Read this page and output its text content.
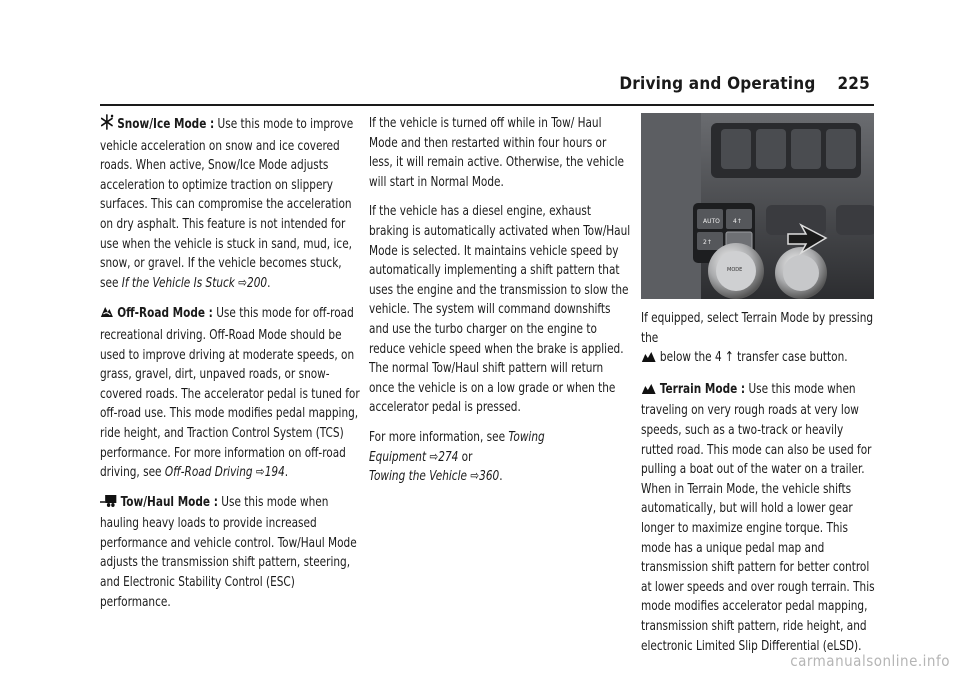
Driving and Operating 225

Snow/Ice Mode : Use this mode to improve vehicle acceleration on snow and ice covered roads. When active, Snow/Ice Mode adjusts acceleration to optimize traction on slippery surfaces. This can compromise the acceleration on dry asphalt. This feature is not intended for use when the vehicle is stuck in sand, mud, ice, snow, or gravel. If the vehicle becomes stuck, see If the Vehicle Is Stuck ⇨200.

Off-Road Mode : Use this mode for off-road recreational driving. Off-Road Mode should be used to improve driving at moderate speeds, on grass, gravel, dirt, unpaved roads, or snow-covered roads. The accelerator pedal is tuned for off-road use. This mode modifies pedal mapping, ride height, and Traction Control System (TCS) performance. For more information on off-road driving, see Off-Road Driving ⇨194.

Tow/Haul Mode : Use this mode when hauling heavy loads to provide increased performance and vehicle control. Tow/Haul Mode adjusts the transmission shift pattern, steering, and Electronic Stability Control (ESC) performance.

If the vehicle is turned off while in Tow/ Haul Mode and then restarted within four hours or less, it will remain active. Otherwise, the vehicle will start in Normal Mode.

If the vehicle has a diesel engine, exhaust braking is automatically activated when Tow/Haul Mode is selected. It maintains vehicle speed by automatically implementing a shift pattern that uses the engine and the transmission to slow the vehicle. The system will command downshifts and use the turbo charger on the engine to reduce vehicle speed when the brake is applied. The normal Tow/Haul shift pattern will return once the vehicle is on a low grade or when the accelerator pedal is pressed.

For more information, see Towing Equipment ⇨274 or
Towing the Vehicle ⇨360.

AUTO 4↑
2↑
MODE

If equipped, select Terrain Mode by pressing the
below the 4 ↑ transfer case button.

Terrain Mode : Use this mode when traveling on very rough roads at very low speeds, such as a two-track or heavily rutted road. This mode can also be used for pulling a boat out of the water on a trailer. When in Terrain Mode, the vehicle shifts automatically, but will hold a lower gear longer to maximize engine torque. This mode has a unique pedal map and transmission shift pattern for better control at lower speeds and over rough terrain. This mode modifies accelerator pedal mapping, transmission shift pattern, ride height, and electronic Limited Slip Differential (eLSD).

carmanualsonline.info
